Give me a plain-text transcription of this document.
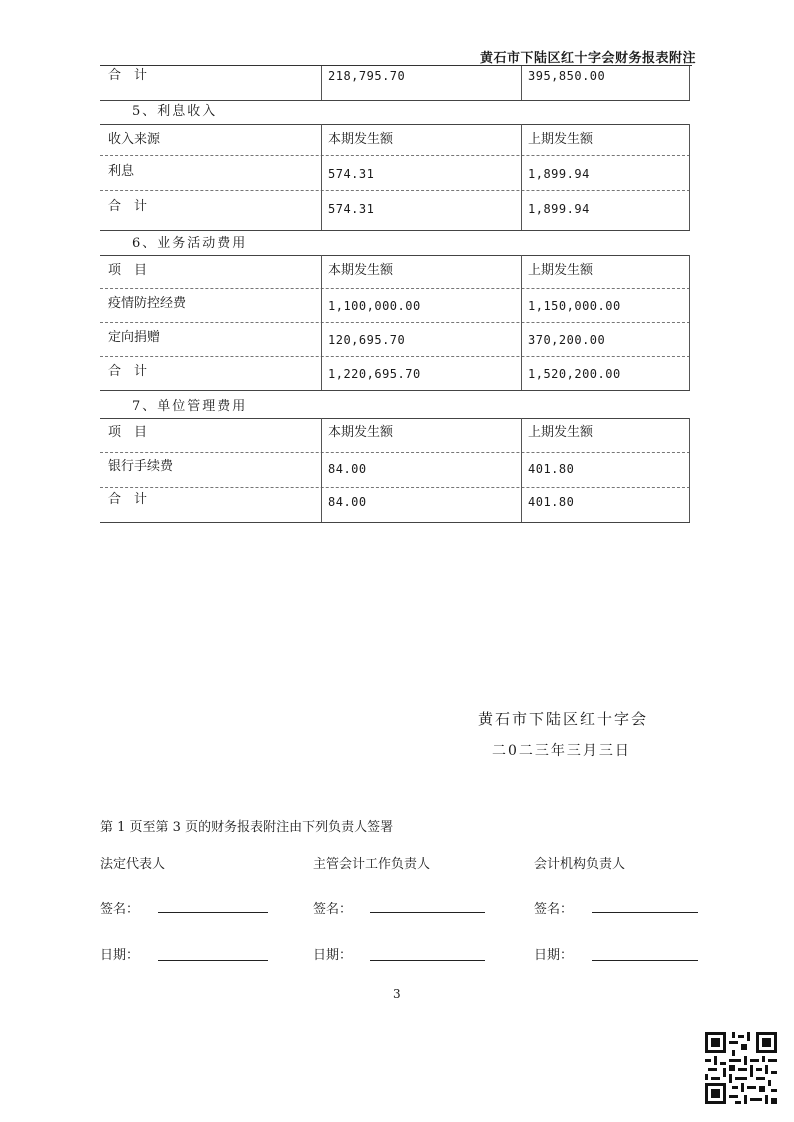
黄石市下陆区红十字会财务报表附注
合　计	218,795.70	395,850.00
5、利息收入
收入来源	本期发生额	上期发生额
利息	574.31	1,899.94
合　计	574.31	1,899.94
6、业务活动费用
项　目	本期发生额	上期发生额
疫情防控经费	1,100,000.00	1,150,000.00
定向捐赠	120,695.70	370,200.00
合　计	1,220,695.70	1,520,200.00
7、单位管理费用
项　目	本期发生额	上期发生额
银行手续费	84.00	401.80
合　计	84.00	401.80
黄石市下陆区红十字会
二0二三年三月三日
第 1 页至第 3 页的财务报表附注由下列负责人签署
法定代表人	主管会计工作负责人	会计机构负责人
签名：	签名：	签名：
日期：	日期：	日期：
3
